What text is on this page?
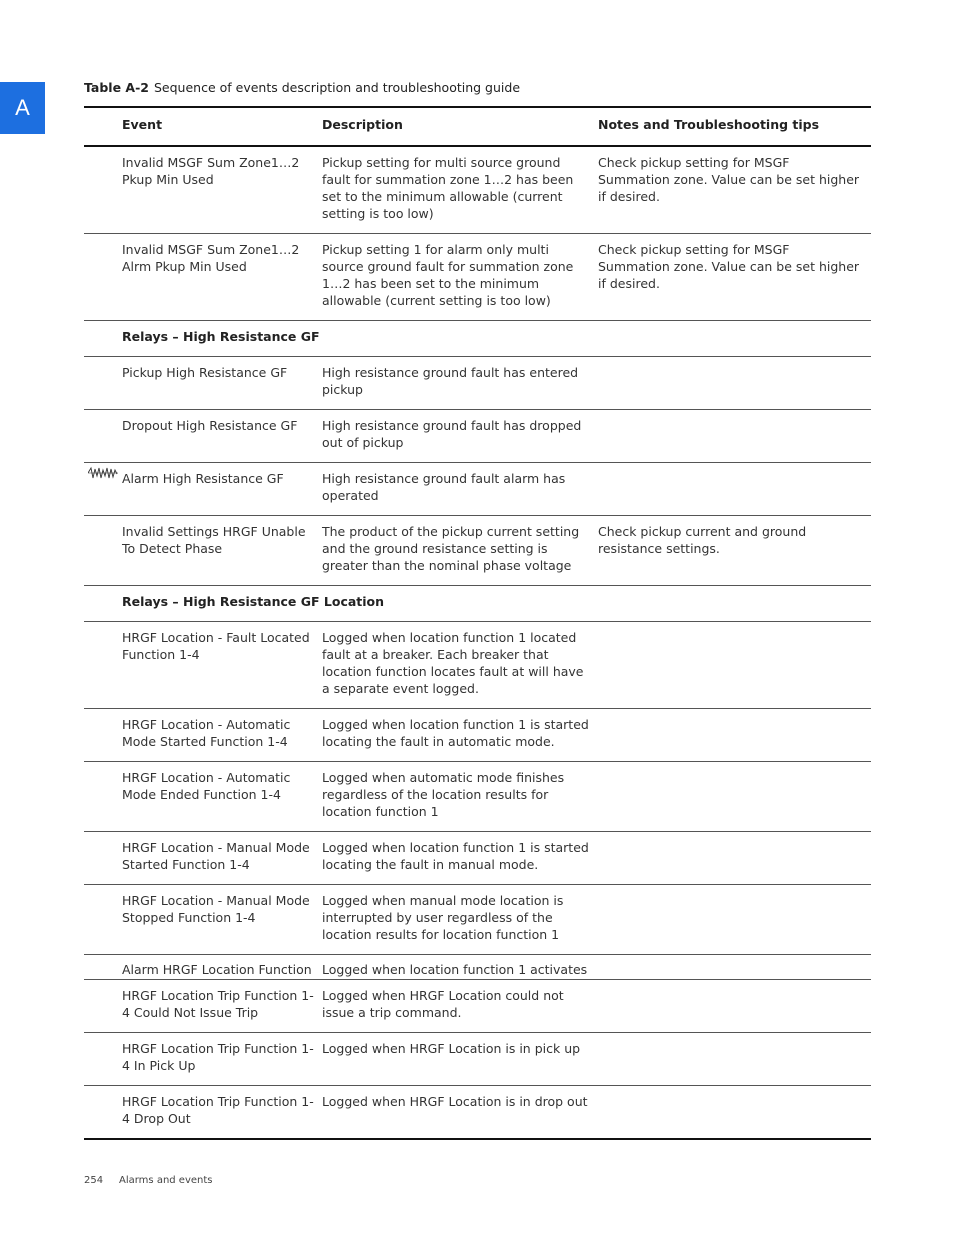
A
Table A-2 Sequence of events description and troubleshooting guide
	Event	Description	Notes and Troubleshooting tips
	Invalid MSGF Sum Zone1…2 Pkup Min Used	Pickup setting for multi source ground fault for summation zone 1…2 has been set to the minimum allowable (current setting is too low)	Check pickup setting for MSGF Summation zone. Value can be set higher if desired.
	Invalid MSGF Sum Zone1…2 Alrm Pkup Min Used	Pickup setting 1 for alarm only multi source ground fault for summation zone 1…2 has been set to the minimum allowable (current setting is too low)	Check pickup setting for MSGF Summation zone. Value can be set higher if desired.
	Relays – High Resistance GF		
	Pickup High Resistance GF	High resistance ground fault has entered pickup	
	Dropout High Resistance GF	High resistance ground fault has dropped out of pickup	

	Alarm High Resistance GF	High resistance ground fault alarm has operated	
	Invalid Settings HRGF Unable To Detect Phase	The product of the pickup current setting and the ground resistance setting is greater than the nominal phase voltage	Check pickup current and ground resistance settings.
	Relays – High Resistance GF Location		
	HRGF Location - Fault Located Function 1-4	Logged when location function 1 located fault at a breaker. Each breaker that location function locates fault at will have a separate event logged.	
	HRGF Location - Automatic Mode Started Function 1-4	Logged when location function 1 is started locating the fault in automatic mode.	
	HRGF Location - Automatic Mode Ended Function 1-4	Logged when automatic mode finishes regardless of the location results for location function 1	
	HRGF Location - Manual Mode Started Function 1-4	Logged when location function 1 is started locating the fault in manual mode.	
	HRGF Location - Manual Mode Stopped Function 1-4	Logged when manual mode location is interrupted by user regardless of the location results for location function 1	
	Alarm HRGF Location Function	Logged when location function 1 activates	
	HRGF Location Trip Function 1-4 Could Not Issue Trip	Logged when HRGF Location could not issue a trip command.	
	HRGF Location Trip Function 1-4 In Pick Up	Logged when HRGF Location is in pick up	
	HRGF Location Trip Function 1-4 Drop Out	Logged when HRGF Location is in drop out	
254 Alarms and events
